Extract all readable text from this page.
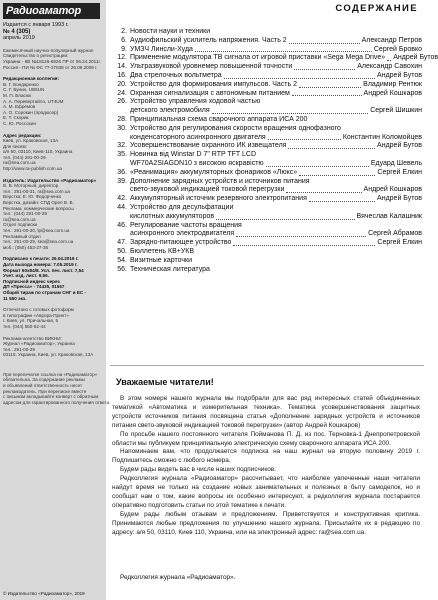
Радиоаматор
Издается с января 1993 г.
№ 4 (305)
апрель 2019
Ежемесячный научно-популярный журнал
Свидетельство о регистрации:
Украина - КВ №18126-6926 ПР от 06.24.2011г.
Россия - ПИ № ФС 77-37838 от 26.09.2009 г.
Редакционная коллегия:
В. Г. Бондаренко
С. Г. Бунин, UB5UN
М. П. Власюк
А. А. Перевертайло, UT4UM
А. М. Ефремов
А. О. Сорокин (продюсер)
Е. Т. Скорик
С. Ю. Россохин
Адрес редакции:
Киев, ул. Краковская, 13А
Для писем:
а/я 50, 03110, Киев-110, Украина
тел. (044) 291-00-29
ra@sea.com.ua
http://www.ra-publish.com.ua
Издатель: Издательство «Радиоаматор»
В. В. Моторный, директор
тел.: 291-00-31, ra@sea.com.ua
Верстка: Е. Ю. Федорченко
Верстка, дизайн: СПД Орел В. В.
Реклама, коммерческие вопросы
тел.: (044) 291-00-29
ra@sea.com.ua
Отдел подписки
тел.: 291-00-30, lp@sea.com.ua
Рекламный отдел
тел.: 291-00-29, sea@sea.com.ua
моб.: (050) 453-27-35
Подписано к печати: 26.04.2019 г.
Дата выхода номера: 7.05.2019 г.
Формат 60x84/8. Усл. печ. лист. 7,54
Учет. изд. лист. 9,56.
Подписной индекс через
ДП «Пресса» - 74435, 01567
Общий тираж по странам СНГ и ЕС -
11 550 экз.
Отпечатано с готовых фотоформ
в типографии «Аврора-Принт»
г. Киев, ул. Причальная, 5
тел. (044) 550-52-44
Реклама-агентство ВИКНИ:
Журнал «Радиоаматор», Украина
тел.: 291-00-29
03110, Украина, Киев, ул. Краковская, 13А
При перепечатке ссылка на «Радиоаматор»
обязательна. За содержание рекламы
и объявлений ответственность несет
рекламодатель. При переписке вместе
с письмом вкладывайте конверт с обратным
адресом для гарантированного получения ответа.
© Издательство «Радиоаматор», 2019
СОДЕРЖАНИЕ
2. Новости науки и техники
6. Аудиофильский усилитель напряжения. Часть 2	Александр Петров
9. УМЗЧ Линсли-Худа	Сергей Бровко
12. Применение модулятора ТВ сигнала от игровой приставки «Sega Mega Drive» Андрей Бутов
14. Ультразвуковой уровнемер повышенной точности	Александр Савохин
16. Два стрелочных вольтметра	Андрей Бутов
20. Устройство для формирования импульсов. Часть 2	Владимир Рентюк
24. Охранная сигнализация с автономным питанием	Андрей Кошкаров
26. Устройство управления ходовой частью
детского электромобиля	Сергей Шишкин
28. Принципиальная схема сварочного аппарата ИСА 200
30. Устройство для регулирования скорости вращения однофазного
конденсаторного асинхронного двигателя	Константин Коломойцев
32. Усовершенствование охранного ИК извещателя	Андрей Бутов
35. Новинка від Winstar D 7" RTP TFT LCD
WF70A2SIAGDN10 з високою яскравістю	Едуард Шевель
36. «Реанимация» аккумуляторных фонариков «Люкс»	Сергей Елкин
39. Дополнение зарядных устройств и источников питания
свето-звуковой индикацией токовой перегрузки	Андрей Кошкаров
42. Аккумуляторный источник резервного электропитания	Андрей Бутов
44. Устройство для десульфатации
кислотных аккумуляторов	Вячеслав Калашник
46. Регулирование частоты вращения
асинхронного электродвигателя	Сергей Абрамов
47. Зарядно-питающее устройство	Сергей Елкин
50. Бюллетень КВ+УКВ
54. Визитные карточки
56. Техническая литература
Уважаемые читатели!

В этом номере нашего журнала мы подобрали для вас ряд интересных статей объединенных тематикой «Автоматика и измерительная техника». Тематика усовершенствования защитных устройств источников питания посвящена статья «Дополнение зарядных устройств и источников питания свето-звуковой индикацией токовой перегрузки» (автор Андрей Кошкаров)

По просьбе нашего постоянного читателя Пойманова П. Д. из пос. Терновка-1 Днепропетровской области мы публикуем принципиальную электрическую схему сварочного аппарата ИСА 200.

Напоминаем вам, что продолжается подписка на наш журнал на вторую половину 2019 г. Подпишитесь сможно с любого номера.

Будем рады видеть вас в числе наших подписчиков.

Редколлегия журнала «Радиоаматор» рассчитывает, что наиболее увлеченные наши читатели найдут время не только на создание новых занимательных и полезных в быту самоделок, но и сообщат нам о том, какие вопросы их особенно интересуют, а редколлегия журнала постарается оперативно подготовить статьи по этой тематике к печати.

Будем рады любым отзывам и предложениям. Приветствуется и конструктивная критика. Принимаются любые предложения по улучшению нашего журнала. Присылайте их в редакцию по адресу: а/я 50, 03110, Киев 110, Украина, или на электронный адрес: ra@sea.com.ua.

Редколлегия журнала «Радиоаматор».
